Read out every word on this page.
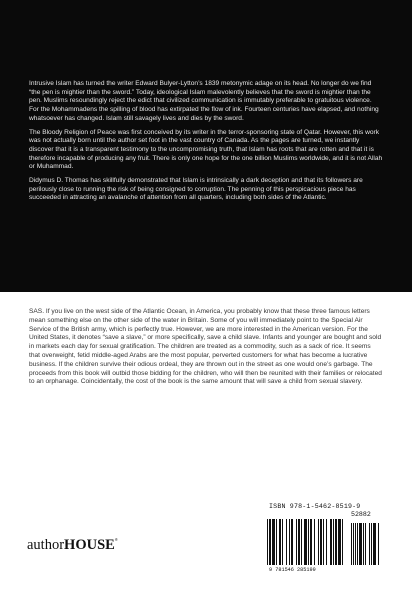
Intrusive Islam has turned the writer Edward Bulyer-Lytton’s 1839 metonymic adage on its head. No longer do we find “the pen is mightier than the sword.” Today, ideological Islam malevolently believes that the sword is mightier than the pen. Muslims resoundingly reject the edict that civilized communication is immutably preferable to gratuitous violence. For the Mohammadens the spilling of blood has extirpated the flow of ink. Fourteen centuries have elapsed, and nothing whatsoever has changed. Islam still savagely lives and dies by the sword.

The Bloody Religion of Peace was first conceived by its writer in the terror-sponsoring state of Qatar. However, this work was not actually born until the author set foot in the vast country of Canada. As the pages are turned, we instantly discover that it is a transparent testimony to the uncompromising truth, that Islam has roots that are rotten and that it is therefore incapable of producing any fruit. There is only one hope for the one billion Muslims worldwide, and it is not Allah or Muhammad.

Didymus D. Thomas has skillfully demonstrated that Islam is intrinsically a dark deception and that its followers are perilously close to running the risk of being consigned to corruption. The penning of this perspicacious piece has succeeded in attracting an avalanche of attention from all quarters, including both sides of the Atlantic.

SAS. If you live on the west side of the Atlantic Ocean, in America, you probably know that these three famous letters mean something else on the other side of the water in Britain. Some of you will immediately point to the Special Air Service of the British army, which is perfectly true. However, we are more interested in the American version. For the United States, it denotes “save a slave,” or more specifically, save a child slave. Infants and younger are bought and sold in markets each day for sexual gratification. The children are treated as a commodity, such as a sack of rice. It seems that overweight, fetid middle-aged Arabs are the most popular, perverted customers for what has become a lucrative business. If the children survive their odious ordeal, they are thrown out in the street as one would one’s garbage. The proceeds from this book will outbid those bidding for the children, who will then be reunited with their families or relocated to an orphanage. Coincidentally, the cost of the book is the same amount that will save a child from sexual slavery.

authorHOUSE®
ISBN 978-1-5462-8519-9
52882
9 781546 285199
